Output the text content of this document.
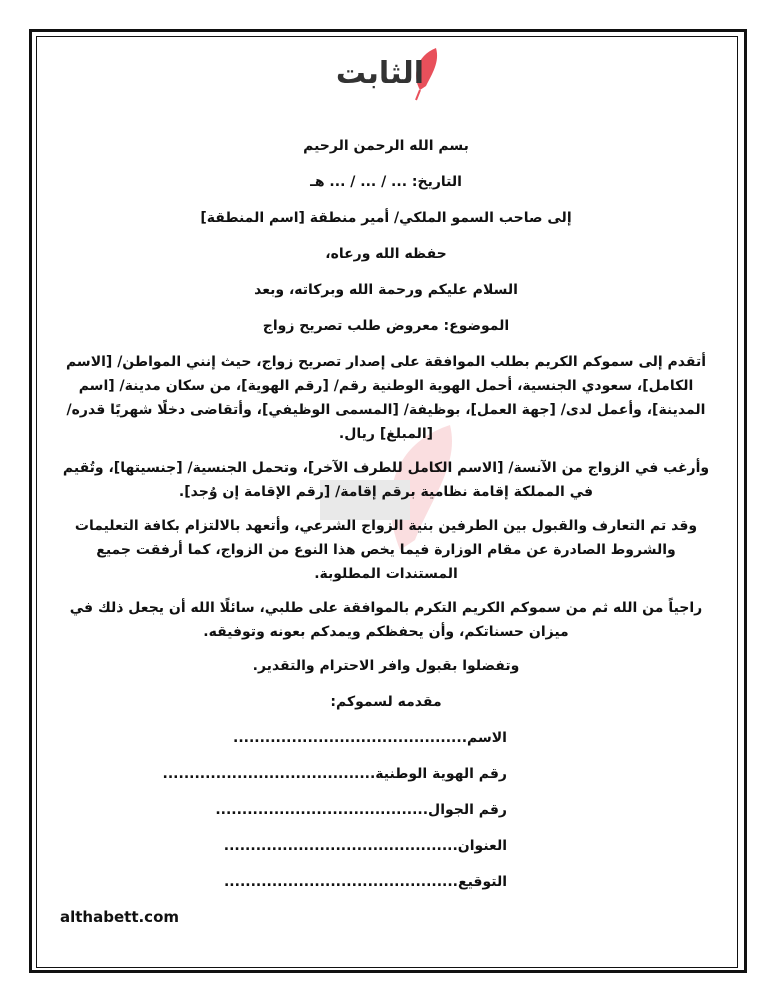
الثابت
بسم الله الرحمن الرحيم
التاريخ: ... / ... / ... هـ
إلى صاحب السمو الملكي/ أمير منطقة [اسم المنطقة]
حفظه الله ورعاه،
السلام عليكم ورحمة الله وبركاته، وبعد
الموضوع: معروض طلب تصريح زواج
أتقدم إلى سموكم الكريم بطلب الموافقة على إصدار تصريح زواج، حيث إنني المواطن/ [الاسم الكامل]، سعودي الجنسية، أحمل الهوية الوطنية رقم/ [رقم الهوية]، من سكان مدينة/ [اسم المدينة]، وأعمل لدى/ [جهة العمل]، بوظيفة/ [المسمى الوظيفي]، وأتقاضى دخلًا شهريًا قدره/ [المبلغ] ريال.
وأرغب في الزواج من الآنسة/ [الاسم الكامل للطرف الآخر]، وتحمل الجنسية/ [جنسيتها]، وتُقيم في المملكة إقامة نظامية برقم إقامة/ [رقم الإقامة إن وُجد].
وقد تم التعارف والقبول بين الطرفين بنية الزواج الشرعي، وأتعهد بالالتزام بكافة التعليمات والشروط الصادرة عن مقام الوزارة فيما يخص هذا النوع من الزواج، كما أرفقت جميع المستندات المطلوبة.
راجياً من الله ثم من سموكم الكريم التكرم بالموافقة على طلبي، سائلًا الله أن يجعل ذلك في ميزان حسناتكم، وأن يحفظكم ويمدكم بعونه وتوفيقه.
وتفضلوا بقبول وافر الاحترام والتقدير.
مقدمه لسموكم:
الاسم............................................
رقم الهوية الوطنية........................................
رقم الجوال........................................
العنوان............................................
التوقيع............................................
althabett.com
